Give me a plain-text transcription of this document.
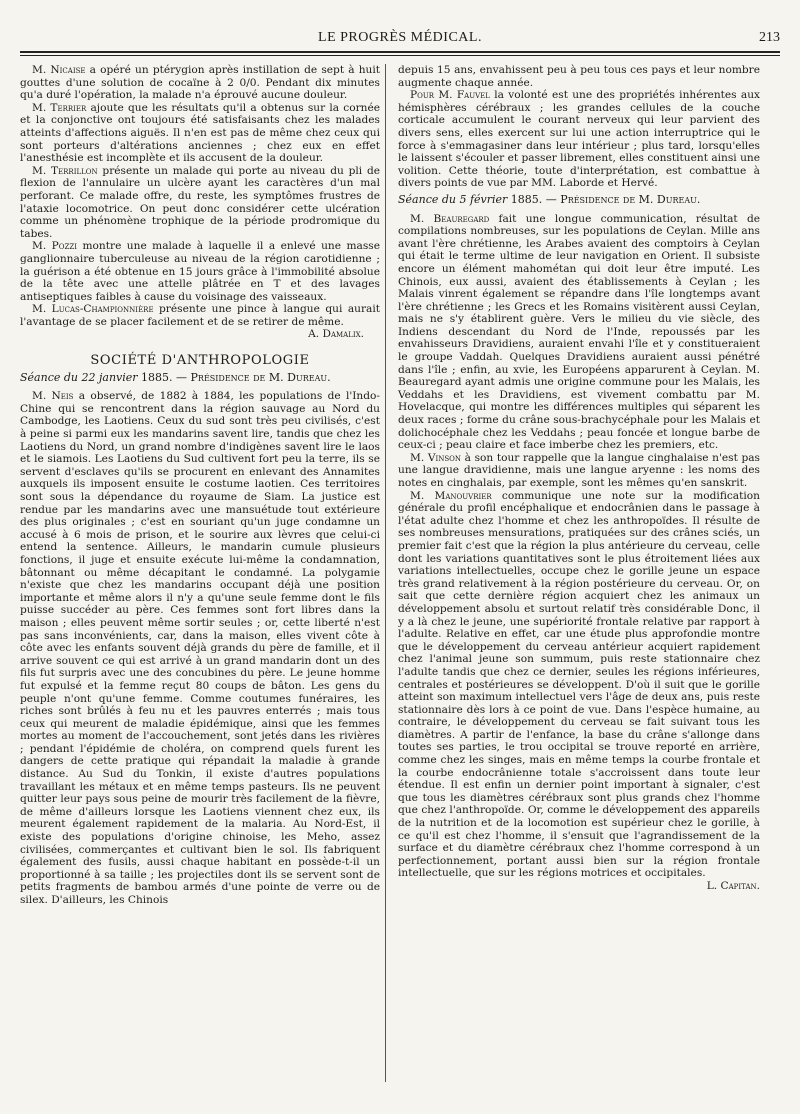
LE PROGRÈS MÉDICAL.	213

M. Nicaise a opéré un ptérygion après instillation de sept à huit gouttes d'une solution de cocaïne à 2 0/0. Pendant dix minutes qu'a duré l'opération, la malade n'a éprouvé aucune douleur.

M. Terrier ajoute que les résultats qu'il a obtenus sur la cornée et la conjonctive ont toujours été satisfaisants chez les malades atteints d'affections aiguës. Il n'en est pas de même chez ceux qui sont porteurs d'altérations anciennes ; chez eux en effet l'anesthésie est incomplète et ils accusent de la douleur.

M. Terrillon présente un malade qui porte au niveau du pli de flexion de l'annulaire un ulcère ayant les caractères d'un mal perforant. Ce malade offre, du reste, les symptômes frustres de l'ataxie locomotrice. On peut donc considérer cette ulcération comme un phénomène trophique de la période prodromique du tabes.

M. Pozzi montre une malade à laquelle il a enlevé une masse ganglionnaire tuberculeuse au niveau de la région carotidienne ; la guérison a été obtenue en 15 jours grâce à l'immobilité absolue de la tête avec une attelle plâtrée en T et des lavages antiseptiques faibles à cause du voisinage des vaisseaux.

M. Lucas-Championnière présente une pince à langue qui aurait l'avantage de se placer facilement et de se retirer de même.

A. Damalix.

SOCIÉTÉ D'ANTHROPOLOGIE

Séance du 22 janvier 1885. — Présidence de M. Dureau.

M. Neis a observé, de 1882 à 1884, les populations de l'Indo-Chine qui se rencontrent dans la région sauvage au Nord du Cambodge, les Laotiens. Ceux du sud sont très peu civilisés, c'est à peine si parmi eux les mandarins savent lire, tandis que chez les Laotiens du Nord, un grand nombre d'indigènes savent lire le laos et le siamois. Les Laotiens du Sud cultivent fort peu la terre, ils se servent d'esclaves qu'ils se procurent en enlevant des Annamites auxquels ils imposent ensuite le costume laotien. Ces territoires sont sous la dépendance du royaume de Siam. La justice est rendue par les mandarins avec une mansuétude tout extérieure des plus originales ; c'est en souriant qu'un juge condamne un accusé à 6 mois de prison, et le sourire aux lèvres que celui-ci entend la sentence. Ailleurs, le mandarin cumule plusieurs fonctions, il juge et ensuite exécute lui-même la condamnation, bâtonnant ou même décapitant le condamné. La polygamie n'existe que chez les mandarins occupant déjà une position importante et même alors il n'y a qu'une seule femme dont le fils puisse succéder au père. Ces femmes sont fort libres dans la maison ; elles peuvent même sortir seules ; or, cette liberté n'est pas sans inconvénients, car, dans la maison, elles vivent côte à côte avec les enfants souvent déjà grands du père de famille, et il arrive souvent ce qui est arrivé à un grand mandarin dont un des fils fut surpris avec une des concubines du père. Le jeune homme fut expulsé et la femme reçut 80 coups de bâton. Les gens du peuple n'ont qu'une femme. Comme coutumes funéraires, les riches sont brûlés à feu nu et les pauvres enterrés ; mais tous ceux qui meurent de maladie épidémique, ainsi que les femmes mortes au moment de l'accouchement, sont jetés dans les rivières ; pendant l'épidémie de choléra, on comprend quels furent les dangers de cette pratique qui répandait la maladie à grande distance. Au Sud du Tonkin, il existe d'autres populations travaillant les métaux et en même temps pasteurs. Ils ne peuvent quitter leur pays sous peine de mourir très facilement de la fièvre, de même d'ailleurs lorsque les Laotiens viennent chez eux, ils meurent également rapidement de la malaria. Au Nord-Est, il existe des populations d'origine chinoise, les Meho, assez civilisées, commerçantes et cultivant bien le sol. Ils fabriquent également des fusils, aussi chaque habitant en possède-t-il un proportionné à sa taille ; les projectiles dont ils se servent sont de petits fragments de bambou armés d'une pointe de verre ou de silex. D'ailleurs, les Chinois

depuis 15 ans, envahissent peu à peu tous ces pays et leur nombre augmente chaque année.

Pour M. Fauvel la volonté est une des propriétés inhérentes aux hémisphères cérébraux ; les grandes cellules de la couche corticale accumulent le courant nerveux qui leur parvient des divers sens, elles exercent sur lui une action interruptrice qui le force à s'emmagasiner dans leur intérieur ; plus tard, lorsqu'elles le laissent s'écouler et passer librement, elles constituent ainsi une volition. Cette théorie, toute d'interprétation, est combattue à divers points de vue par MM. Laborde et Hervé.

Séance du 5 février 1885. — Présidence de M. Dureau.

M. Beauregard fait une longue communication, résultat de compilations nombreuses, sur les populations de Ceylan. Mille ans avant l'ère chrétienne, les Arabes avaient des comptoirs à Ceylan qui était le terme ultime de leur navigation en Orient. Il subsiste encore un élément mahométan qui doit leur être imputé. Les Chinois, eux aussi, avaient des établissements à Ceylan ; les Malais vinrent également se répandre dans l'île longtemps avant l'ère chrétienne ; les Grecs et les Romains visitèrent aussi Ceylan, mais ne s'y établirent guère. Vers le milieu du vie siècle, des Indiens descendant du Nord de l'Inde, repoussés par les envahisseurs Dravidiens, auraient envahi l'île et y constitueraient le groupe Vaddah. Quelques Dravidiens auraient aussi pénétré dans l'île ; enfin, au xvie, les Européens apparurent à Ceylan. M. Beauregard ayant admis une origine commune pour les Malais, les Veddahs et les Dravidiens, est vivement combattu par M. Hovelacque, qui montre les différences multiples qui séparent les deux races ; forme du crâne sous-brachycéphale pour les Malais et dolichocéphale chez les Veddahs ; peau foncée et longue barbe de ceux-ci ; peau claire et face imberbe chez les premiers, etc.

M. Vinson à son tour rappelle que la langue cinghalaise n'est pas une langue dravidienne, mais une langue aryenne : les noms des notes en cinghalais, par exemple, sont les mêmes qu'en sanskrit.

M. Manouvrier communique une note sur la modification générale du profil encéphalique et endocrânien dans le passage à l'état adulte chez l'homme et chez les anthropoïdes. Il résulte de ses nombreuses mensurations, pratiquées sur des crânes sciés, un premier fait c'est que la région la plus antérieure du cerveau, celle dont les variations quantitatives sont le plus étroitement liées aux variations intellectuelles, occupe chez le gorille jeune un espace très grand relativement à la région postérieure du cerveau. Or, on sait que cette dernière région acquiert chez les animaux un développement absolu et surtout relatif très considérable Donc, il y a là chez le jeune, une supériorité frontale relative par rapport à l'adulte. Relative en effet, car une étude plus approfondie montre que le développement du cerveau antérieur acquiert rapidement chez l'animal jeune son summum, puis reste stationnaire chez l'adulte tandis que chez ce dernier, seules les régions inférieures, centrales et postérieures se développent. D'où il suit que le gorille atteint son maximum intellectuel vers l'âge de deux ans, puis reste stationnaire dès lors à ce point de vue. Dans l'espèce humaine, au contraire, le développement du cerveau se fait suivant tous les diamètres. A partir de l'enfance, la base du crâne s'allonge dans toutes ses parties, le trou occipital se trouve reporté en arrière, comme chez les singes, mais en même temps la courbe frontale et la courbe endocrânienne totale s'accroissent dans toute leur étendue. Il est enfin un dernier point important à signaler, c'est que tous les diamètres cérébraux sont plus grands chez l'homme que chez l'anthropoïde. Or, comme le développement des appareils de la nutrition et de la locomotion est supérieur chez le gorille, à ce qu'il est chez l'homme, il s'ensuit que l'agrandissement de la surface et du diamètre cérébraux chez l'homme correspond à un perfectionnement, portant aussi bien sur la région frontale intellectuelle, que sur les régions motrices et occipitales.
L. Capitan.
